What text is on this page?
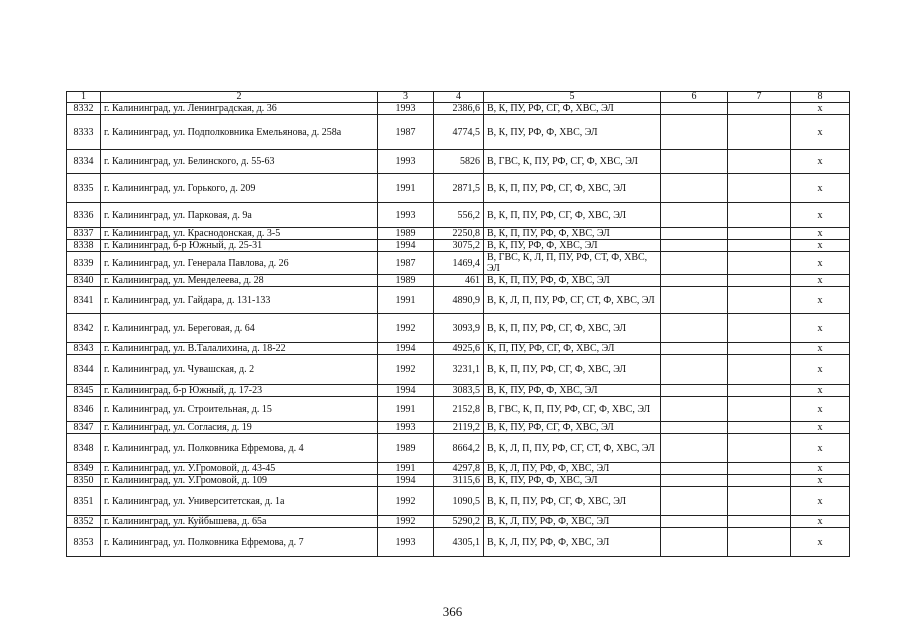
1	2	3	4	5	6	7	8
8332	г. Калининград, ул. Ленинградская, д. 36	1993	2386,6	В, К, ПУ, РФ, СГ, Ф, ХВС, ЭЛ			х
8333	г. Калининград, ул. Подполковника Емельянова, д. 258а	1987	4774,5	В, К, ПУ, РФ, Ф, ХВС, ЭЛ			х
8334	г. Калининград, ул. Белинского, д. 55-63	1993	5826	В, ГВС, К, ПУ, РФ, СГ, Ф, ХВС, ЭЛ			х
8335	г. Калининград, ул. Горького, д. 209	1991	2871,5	В, К, П, ПУ, РФ, СГ, Ф, ХВС, ЭЛ			х
8336	г. Калининград, ул. Парковая, д. 9а	1993	556,2	В, К, П, ПУ, РФ, СГ, Ф, ХВС, ЭЛ			х
8337	г. Калининград, ул. Краснодонская, д. 3-5	1989	2250,8	В, К, П, ПУ, РФ, Ф, ХВС, ЭЛ			х
8338	г. Калининград, б-р Южный, д. 25-31	1994	3075,2	В, К, ПУ, РФ, Ф, ХВС, ЭЛ			х
8339	г. Калининград, ул. Генерала Павлова, д. 26	1987	1469,4	В, ГВС, К, Л, П, ПУ, РФ, СТ, Ф, ХВС, ЭЛ			х
8340	г. Калининград, ул. Менделеева, д. 28	1989	461	В, К, П, ПУ, РФ, Ф, ХВС, ЭЛ			х
8341	г. Калининград, ул. Гайдара, д. 131-133	1991	4890,9	В, К, Л, П, ПУ, РФ, СГ, СТ, Ф, ХВС, ЭЛ			х
8342	г. Калининград, ул. Береговая, д. 64	1992	3093,9	В, К, П, ПУ, РФ, СГ, Ф, ХВС, ЭЛ			х
8343	г. Калининград, ул. В.Талалихина, д. 18-22	1994	4925,6	К, П, ПУ, РФ, СГ, Ф, ХВС, ЭЛ			х
8344	г. Калининград, ул. Чувашская, д. 2	1992	3231,1	В, К, П, ПУ, РФ, СГ, Ф, ХВС, ЭЛ			х
8345	г. Калининград, б-р Южный, д. 17-23	1994	3083,5	В, К, ПУ, РФ, Ф, ХВС, ЭЛ			х
8346	г. Калининград, ул. Строительная, д. 15	1991	2152,8	В, ГВС, К, П, ПУ, РФ, СГ, Ф, ХВС, ЭЛ			х
8347	г. Калининград, ул. Согласия, д. 19	1993	2119,2	В, К, ПУ, РФ, СГ, Ф, ХВС, ЭЛ			х
8348	г. Калининград, ул. Полковника Ефремова, д. 4	1989	8664,2	В, К, Л, П, ПУ, РФ, СГ, СТ, Ф, ХВС, ЭЛ			х
8349	г. Калининград, ул. У.Громовой, д. 43-45	1991	4297,8	В, К, Л, ПУ, РФ, Ф, ХВС, ЭЛ			х
8350	г. Калининград, ул. У.Громовой, д. 109	1994	3115,6	В, К, ПУ, РФ, Ф, ХВС, ЭЛ			х
8351	г. Калининград, ул. Университетская, д. 1а	1992	1090,5	В, К, П, ПУ, РФ, СГ, Ф, ХВС, ЭЛ			х
8352	г. Калининград, ул. Куйбышева, д. 65а	1992	5290,2	В, К, Л, ПУ, РФ, Ф, ХВС, ЭЛ			х
8353	г. Калининград, ул. Полковника Ефремова, д. 7	1993	4305,1	В, К, Л, ПУ, РФ, Ф, ХВС, ЭЛ			х
366
